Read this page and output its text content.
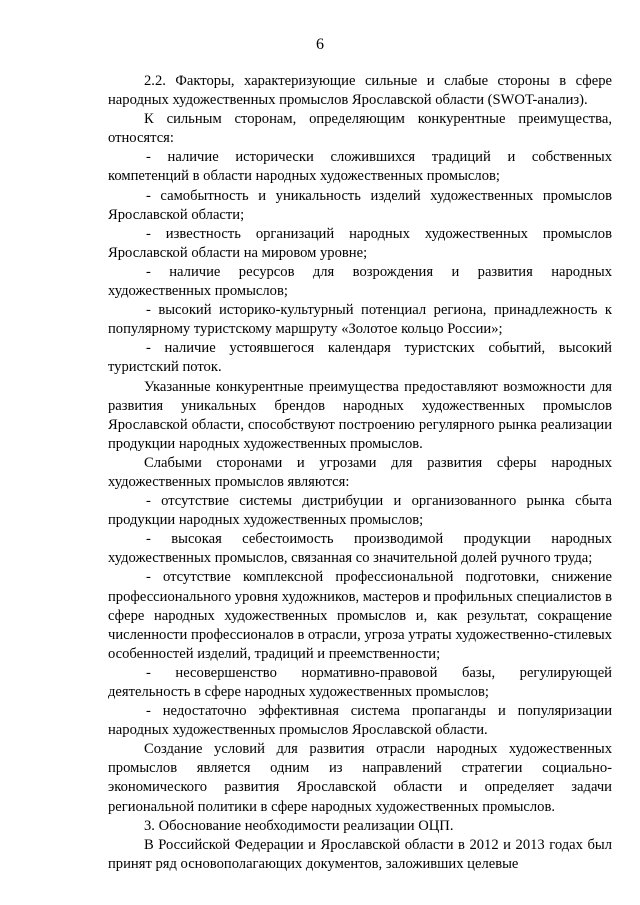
6

2.2. Факторы, характеризующие сильные и слабые стороны в сфере народных художественных промыслов Ярославской области (SWOT-анализ).

К сильным сторонам, определяющим конкурентные преимущества, относятся:

- наличие исторически сложившихся традиций и собственных компетенций в области народных художественных промыслов;

- самобытность и уникальность изделий художественных промыслов Ярославской области;

- известность организаций народных художественных промыслов Ярославской области на мировом уровне;

- наличие ресурсов для возрождения и развития народных художественных промыслов;

- высокий историко-культурный потенциал региона, принадлежность к популярному туристскому маршруту «Золотое кольцо России»;

- наличие устоявшегося календаря туристских событий, высокий туристский поток.

Указанные конкурентные преимущества предоставляют возможности для развития уникальных брендов народных художественных промыслов Ярославской области, способствуют построению регулярного рынка реализации продукции народных художественных промыслов.

Слабыми сторонами и угрозами для развития сферы народных художественных промыслов являются:

- отсутствие системы дистрибуции и организованного рынка сбыта продукции народных художественных промыслов;

- высокая себестоимость производимой продукции народных художественных промыслов, связанная со значительной долей ручного труда;

- отсутствие комплексной профессиональной подготовки, снижение профессионального уровня художников, мастеров и профильных специалистов в сфере народных художественных промыслов и, как результат, сокращение численности профессионалов в отрасли, угроза утраты художественно-стилевых особенностей изделий, традиций и преемственности;

- несовершенство нормативно-правовой базы, регулирующей деятельность в сфере народных художественных промыслов;

- недостаточно эффективная система пропаганды и популяризации народных художественных промыслов Ярославской области.

Создание условий для развития отрасли народных художественных промыслов является одним из направлений стратегии социально-экономического развития Ярославской области и определяет задачи региональной политики в сфере народных художественных промыслов.

3. Обоснование необходимости реализации ОЦП.

В Российской Федерации и Ярославской области в 2012 и 2013 годах был принят ряд основополагающих документов, заложивших целевые
